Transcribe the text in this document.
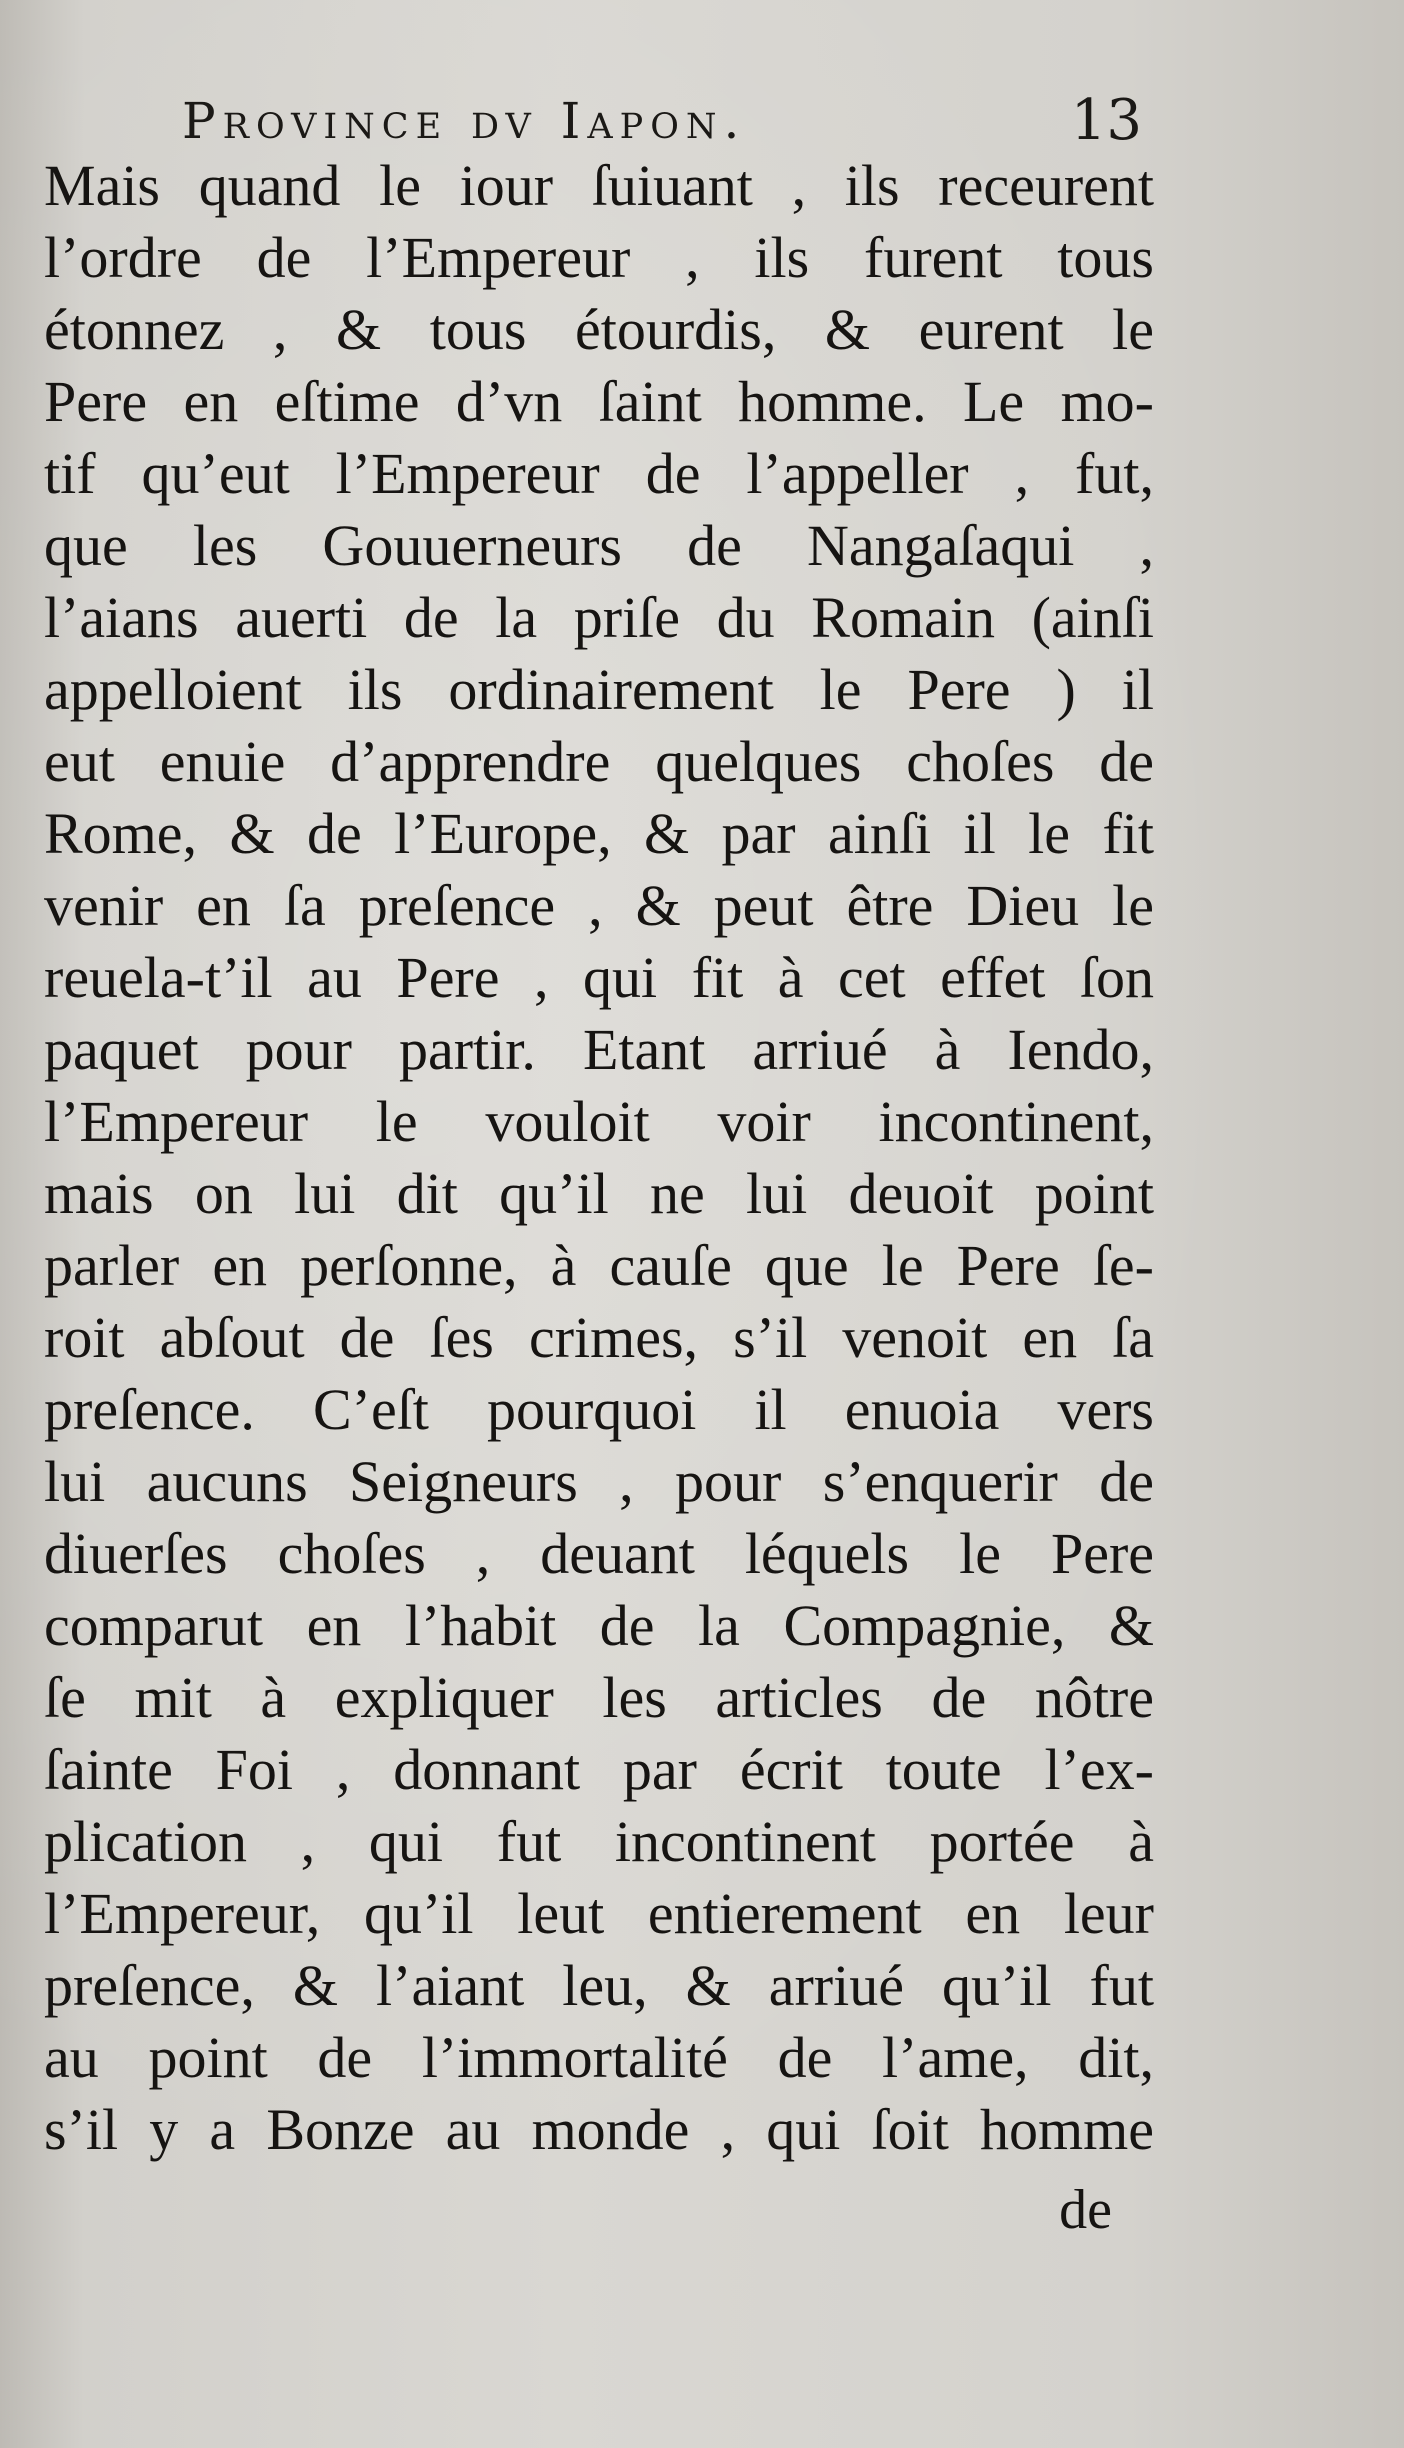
Province dv Iapon.	13
Mais quand le iour ſuiuant , ils receurent
l’ordre de l’Empereur , ils furent tous
étonnez , & tous étourdis, & eurent le
Pere en eſtime d’vn ſaint homme. Le mo-
tif qu’eut l’Empereur de l’appeller , fut,
que les Gouuerneurs de Nangaſaqui ,
l’aians auerti de la priſe du Romain (ainſi
appelloient ils ordinairement le Pere ) il
eut enuie d’apprendre quelques choſes de
Rome, & de l’Europe, & par ainſi il le fit
venir en ſa preſence , & peut être Dieu le
reuela-t’il au Pere , qui fit à cet effet ſon
paquet pour partir. Etant arriué à Iendo,
l’Empereur le vouloit voir incontinent,
mais on lui dit qu’il ne lui deuoit point
parler en perſonne, à cauſe que le Pere ſe-
roit abſout de ſes crimes, s’il venoit en ſa
preſence. C’eſt pourquoi il enuoia vers
lui aucuns Seigneurs , pour s’enquerir de
diuerſes choſes , deuant léquels le Pere
comparut en l’habit de la Compagnie, &
ſe mit à expliquer les articles de nôtre
ſainte Foi , donnant par écrit toute l’ex-
plication , qui fut incontinent portée à
l’Empereur, qu’il leut entierement en leur
preſence, & l’aiant leu, & arriué qu’il fut
au point de l’immortalité de l’ame, dit,
s’il y a Bonze au monde , qui ſoit homme
de
